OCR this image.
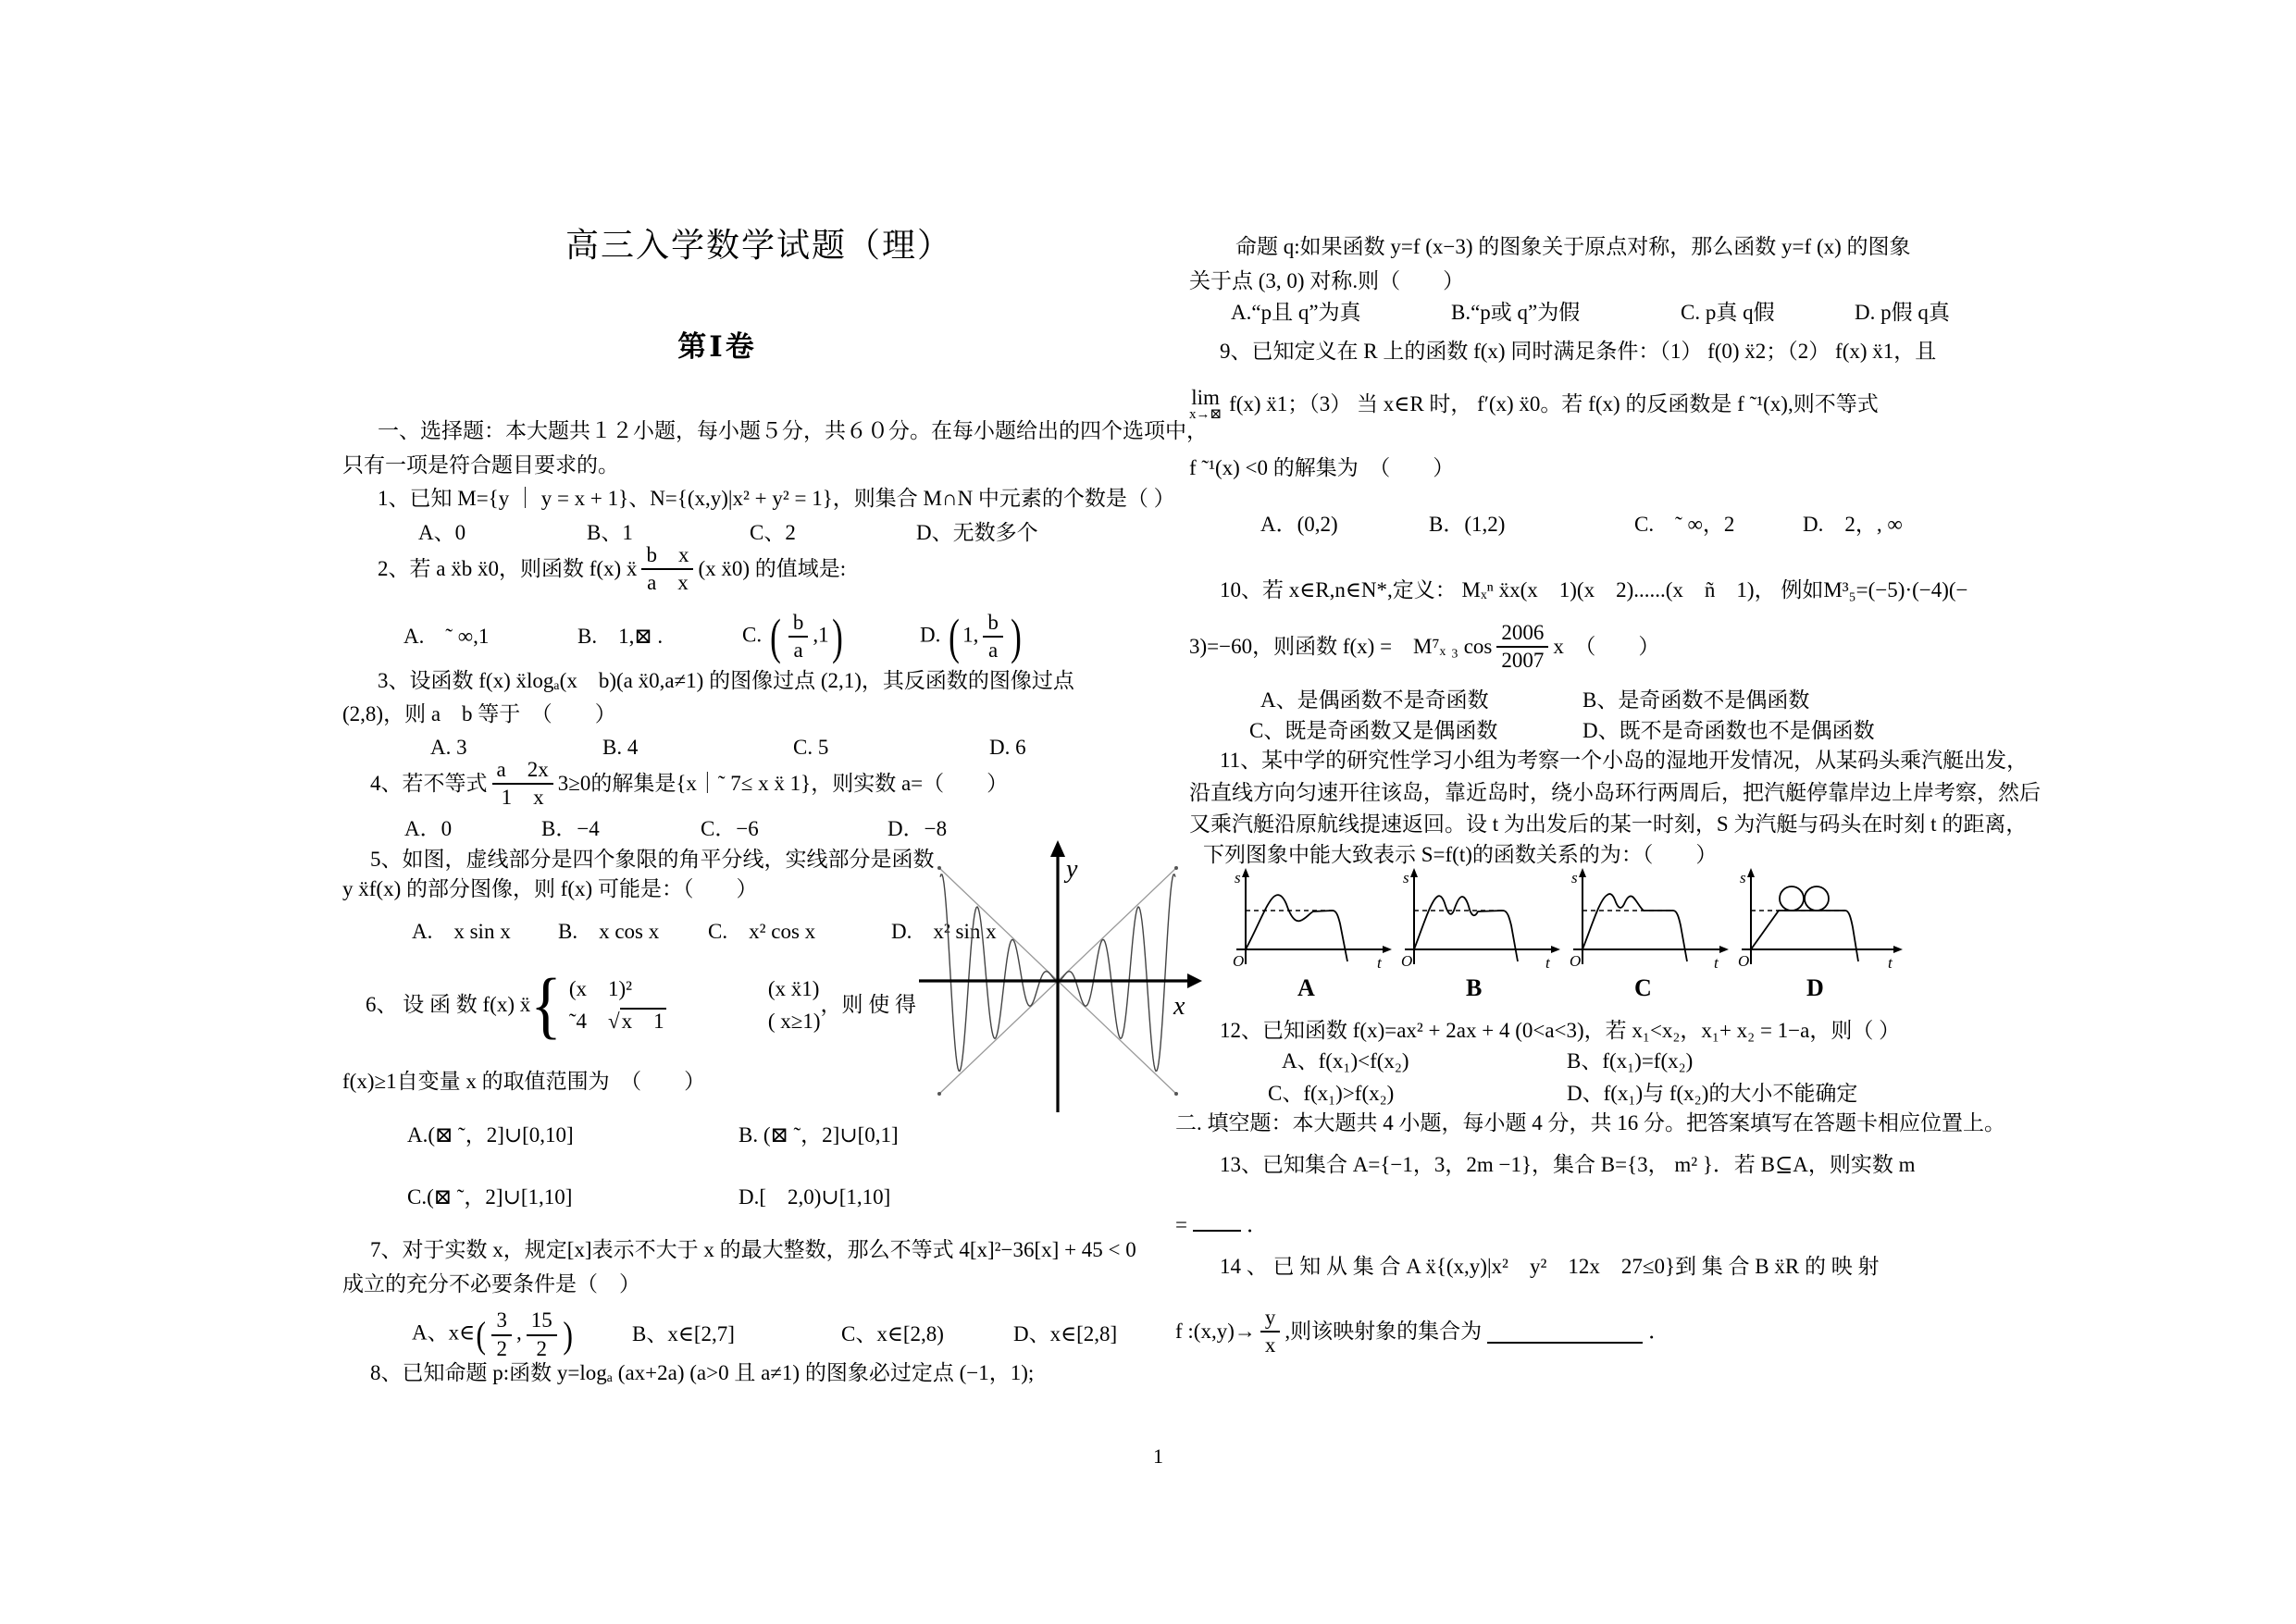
高三入学数学试题（理）
第Ⅰ卷
一、选择题：本大题共１２小题，每小题５分，共６０分。在每小题给出的四个选项中，
只有一项是符合题目要求的。
1、已知 M={y ｜ y = x + 1}、N={(x,y)|x² + y² = 1}，则集合 M∩N 中元素的个数是（ ）
A、0	B、1	C、2	D、无数多个
2、若 a ẍb ẍ0，则函数 f(x) ẍ $\frac{\text{b　x}}{\text{a　x}} (x$ ẍ0) 的值域是:
A.　˜ ∞,1	B.　1,⊠ .	C. ( $\frac{b}{a} ,1$)	D. ( 1, $\frac{b}{a}$ )
3、设函数 f(x) ẍlogₐ(x　b)(a ẍ0,a≠1) 的图像过点 (2,1)，其反函数的图像过点
(2,8)，则 a　b 等于　（　　）
A. 3	B. 4	C. 5	D. 6
4、若不等式 $\frac{a 2x}{1 x} 3\ge 0$的解集是{x｜˜ 7≤ x ẍ 1}，则实数 a=（　　）
A．0	B．−4	C．−6	D．−8
5、如图，虚线部分是四个象限的角平分线，实线部分是函数
y ẍf(x) 的部分图像，则 f(x) 可能是：（　　）
A.　x sin x	B.　x cos x	C.　x² cos x	D.　x² sin x
y
x
6、 设 函 数 f(x) ẍ { (x　1)²	(x ẍ1)
˜4　√x　1	( x≥1)
，则 使 得
f(x)≥1自变量 x 的取值范围为　（　　）
A.(⊠ ˜，2]∪[0,10]	B. (⊠ ˜，2]∪[0,1]
C.(⊠ ˜，2]∪[1,10]	D.[　2,0)∪[1,10]
7、对于实数 x，规定[x]表示不大于 x 的最大整数，那么不等式 4[x]²−36[x] + 45 < 0
成立的充分不必要条件是（　）
A、x∈( $\frac{3}{2}$ , $\frac{15}{2}$ )	B、x∈[2,7]	C、x∈[2,8)	D、x∈[2,8]
8、已知命题 p:函数 y=logₐ (ax+2a) (a>0 且 a≠1) 的图象必过定点 (−1，1);
命题 q:如果函数 y=f (x−3) 的图象关于原点对称，那么函数 y=f (x) 的图象
关于点 (3, 0) 对称.则（　　）
A.“p且 q”为真	B.“p或 q”为假	C. p真 q假	D. p假 q真
9、已知定义在 R 上的函数 f(x) 同时满足条件：（1） f(0) ẍ2；（2） f(x) ẍ1，且
lim
x→⊠ f(x) ẍ1；（3） 当 x∈R 时， f′(x) ẍ0。若 f(x) 的反函数是 f ˜¹(x),则不等式
f ˜¹(x) <0 的解集为　（　　）
A．(0,2)	B．(1,2)	C.　˜ ∞，2	D.　2，, ∞
10、若 x∈R,n∈N*,定义： Mₓⁿ ẍx(x　1)(x　2)......(x　ñ　1)， 例如M³₅=(−5)·(−4)(−
3)=−60，则函数 f(x) =　M⁷ₓ ₃ $\cos \frac{2006}{2007}$ x　（　　）
A、是偶函数不是奇函数	B、是奇函数不是偶函数
C、既是奇函数又是偶函数	D、既不是奇函数也不是偶函数
11、某中学的研究性学习小组为考察一个小岛的湿地开发情况，从某码头乘汽艇出发，
沿直线方向匀速开往该岛，靠近岛时，绕小岛环行两周后，把汽艇停靠岸边上岸考察，然后
又乘汽艇沿原航线提速返回。设 t 为出发后的某一时刻，S 为汽艇与码头在时刻 t 的距离，
下列图象中能大致表示 S=f(t)的函数关系的为：（　　）
s
t
O
A
s
t
O
B
s
t
O
C
s
t
O
D
12、已知函数 f(x)=ax² + 2ax + 4 (0<a<3)，若 x₁<x₂，x₁+ x₂ = 1−a，则（ ）
A、f(x₁)<f(x₂)	B、f(x₁)=f(x₂)
C、f(x₁)>f(x₂)	D、f(x₁)与 f(x₂)的大小不能确定
二. 填空题：本大题共 4 小题，每小题 4 分，共 16 分。把答案填写在答题卡相应位置上。
13、已知集合 A={−1，3，2m −1}，集合 B={3， m² }．若 B⊆A，则实数 m
=	．
14 、 已 知 从 集 合 A ẍ{(x,y)|x²　y²　12x　27≤0}到 集 合 B ẍR 的 映 射
f :(x,y)→ $\frac{y}{x}$ ,则该映射象的集合为	．
1
